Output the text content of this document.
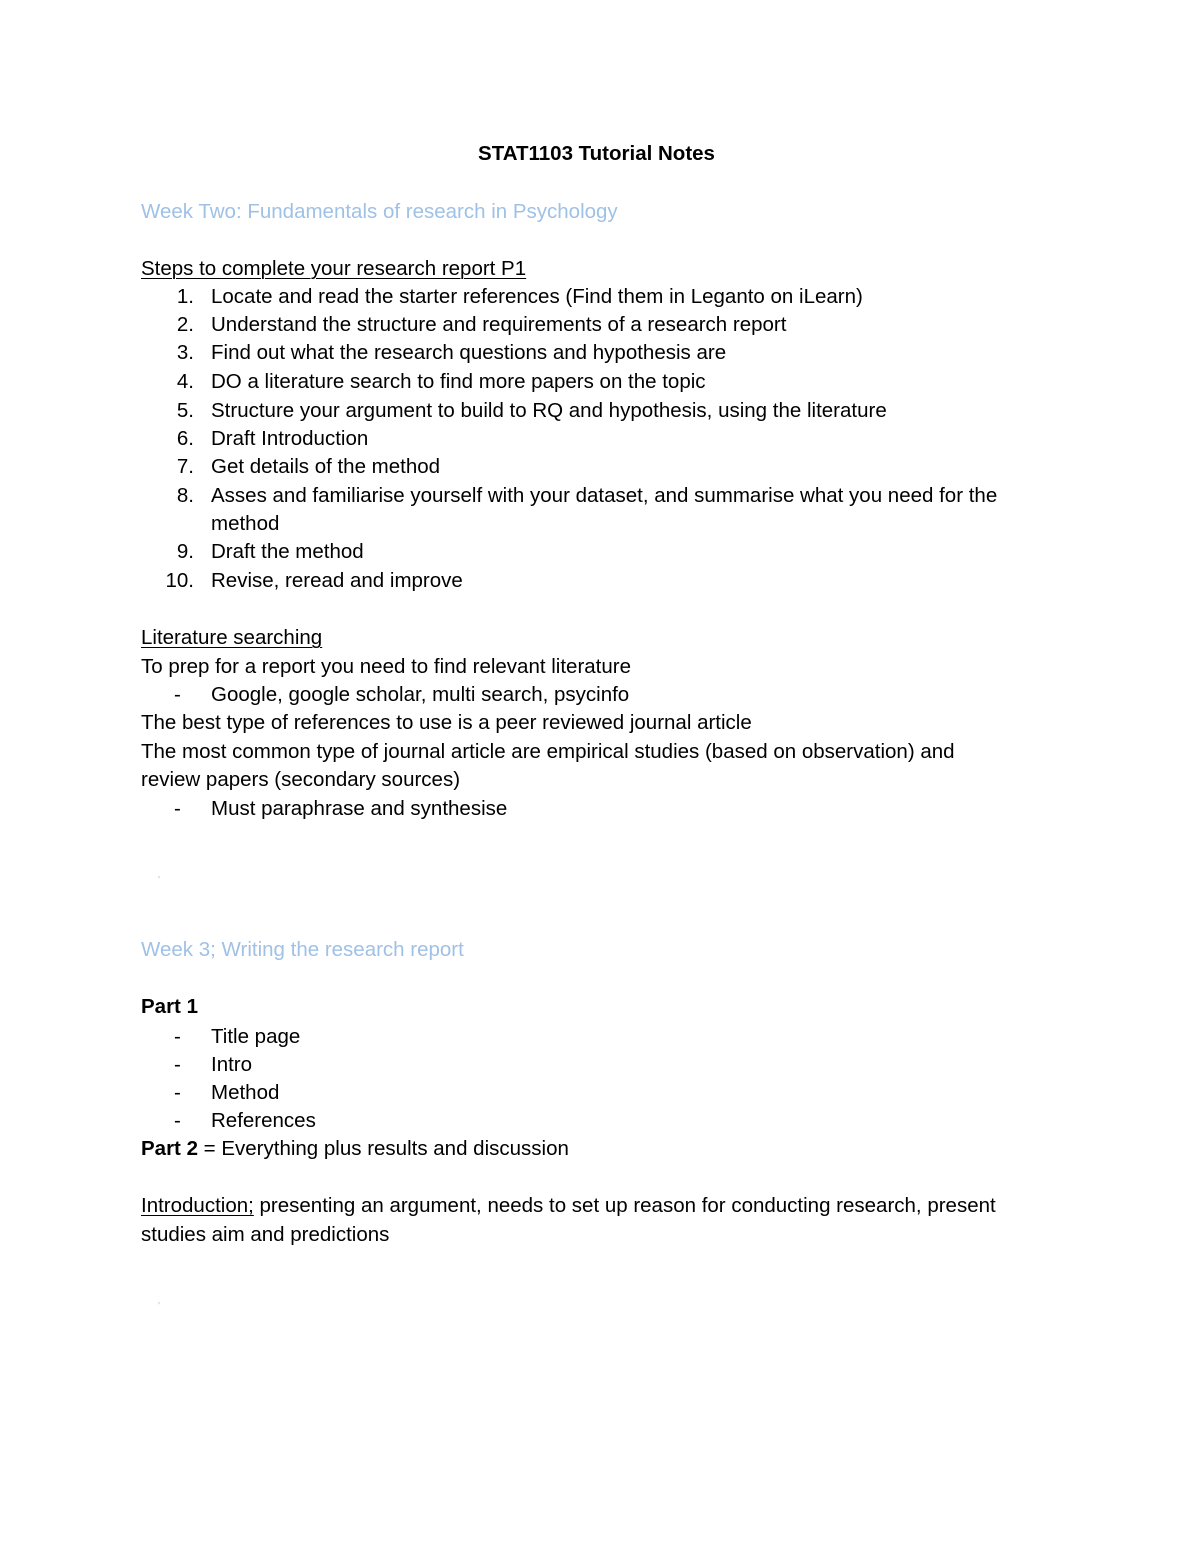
STAT1103 Tutorial Notes
Week Two: Fundamentals of research in Psychology
Steps to complete your research report P1
1. Locate and read the starter references (Find them in Leganto on iLearn)
2. Understand the structure and requirements of a research report
3. Find out what the research questions and hypothesis are
4. DO a literature search to find more papers on the topic
5. Structure your argument to build to RQ and hypothesis, using the literature
6. Draft Introduction
7. Get details of the method
8. Asses and familiarise yourself with your dataset, and summarise what you need for the
method
9. Draft the method
10. Revise, reread and improve
Literature searching
To prep for a report you need to find relevant literature
-	Google, google scholar, multi search, psycinfo
The best type of references to use is a peer reviewed journal article
The most common type of journal article are empirical studies (based on observation) and
review papers (secondary sources)
-	Must paraphrase and synthesise
'
Week 3; Writing the research report
Part 1
-	Title page
-	Intro
-	Method
-	References
Part 2 = Everything plus results and discussion
Introduction; presenting an argument, needs to set up reason for conducting research, present
studies aim and predictions
'
